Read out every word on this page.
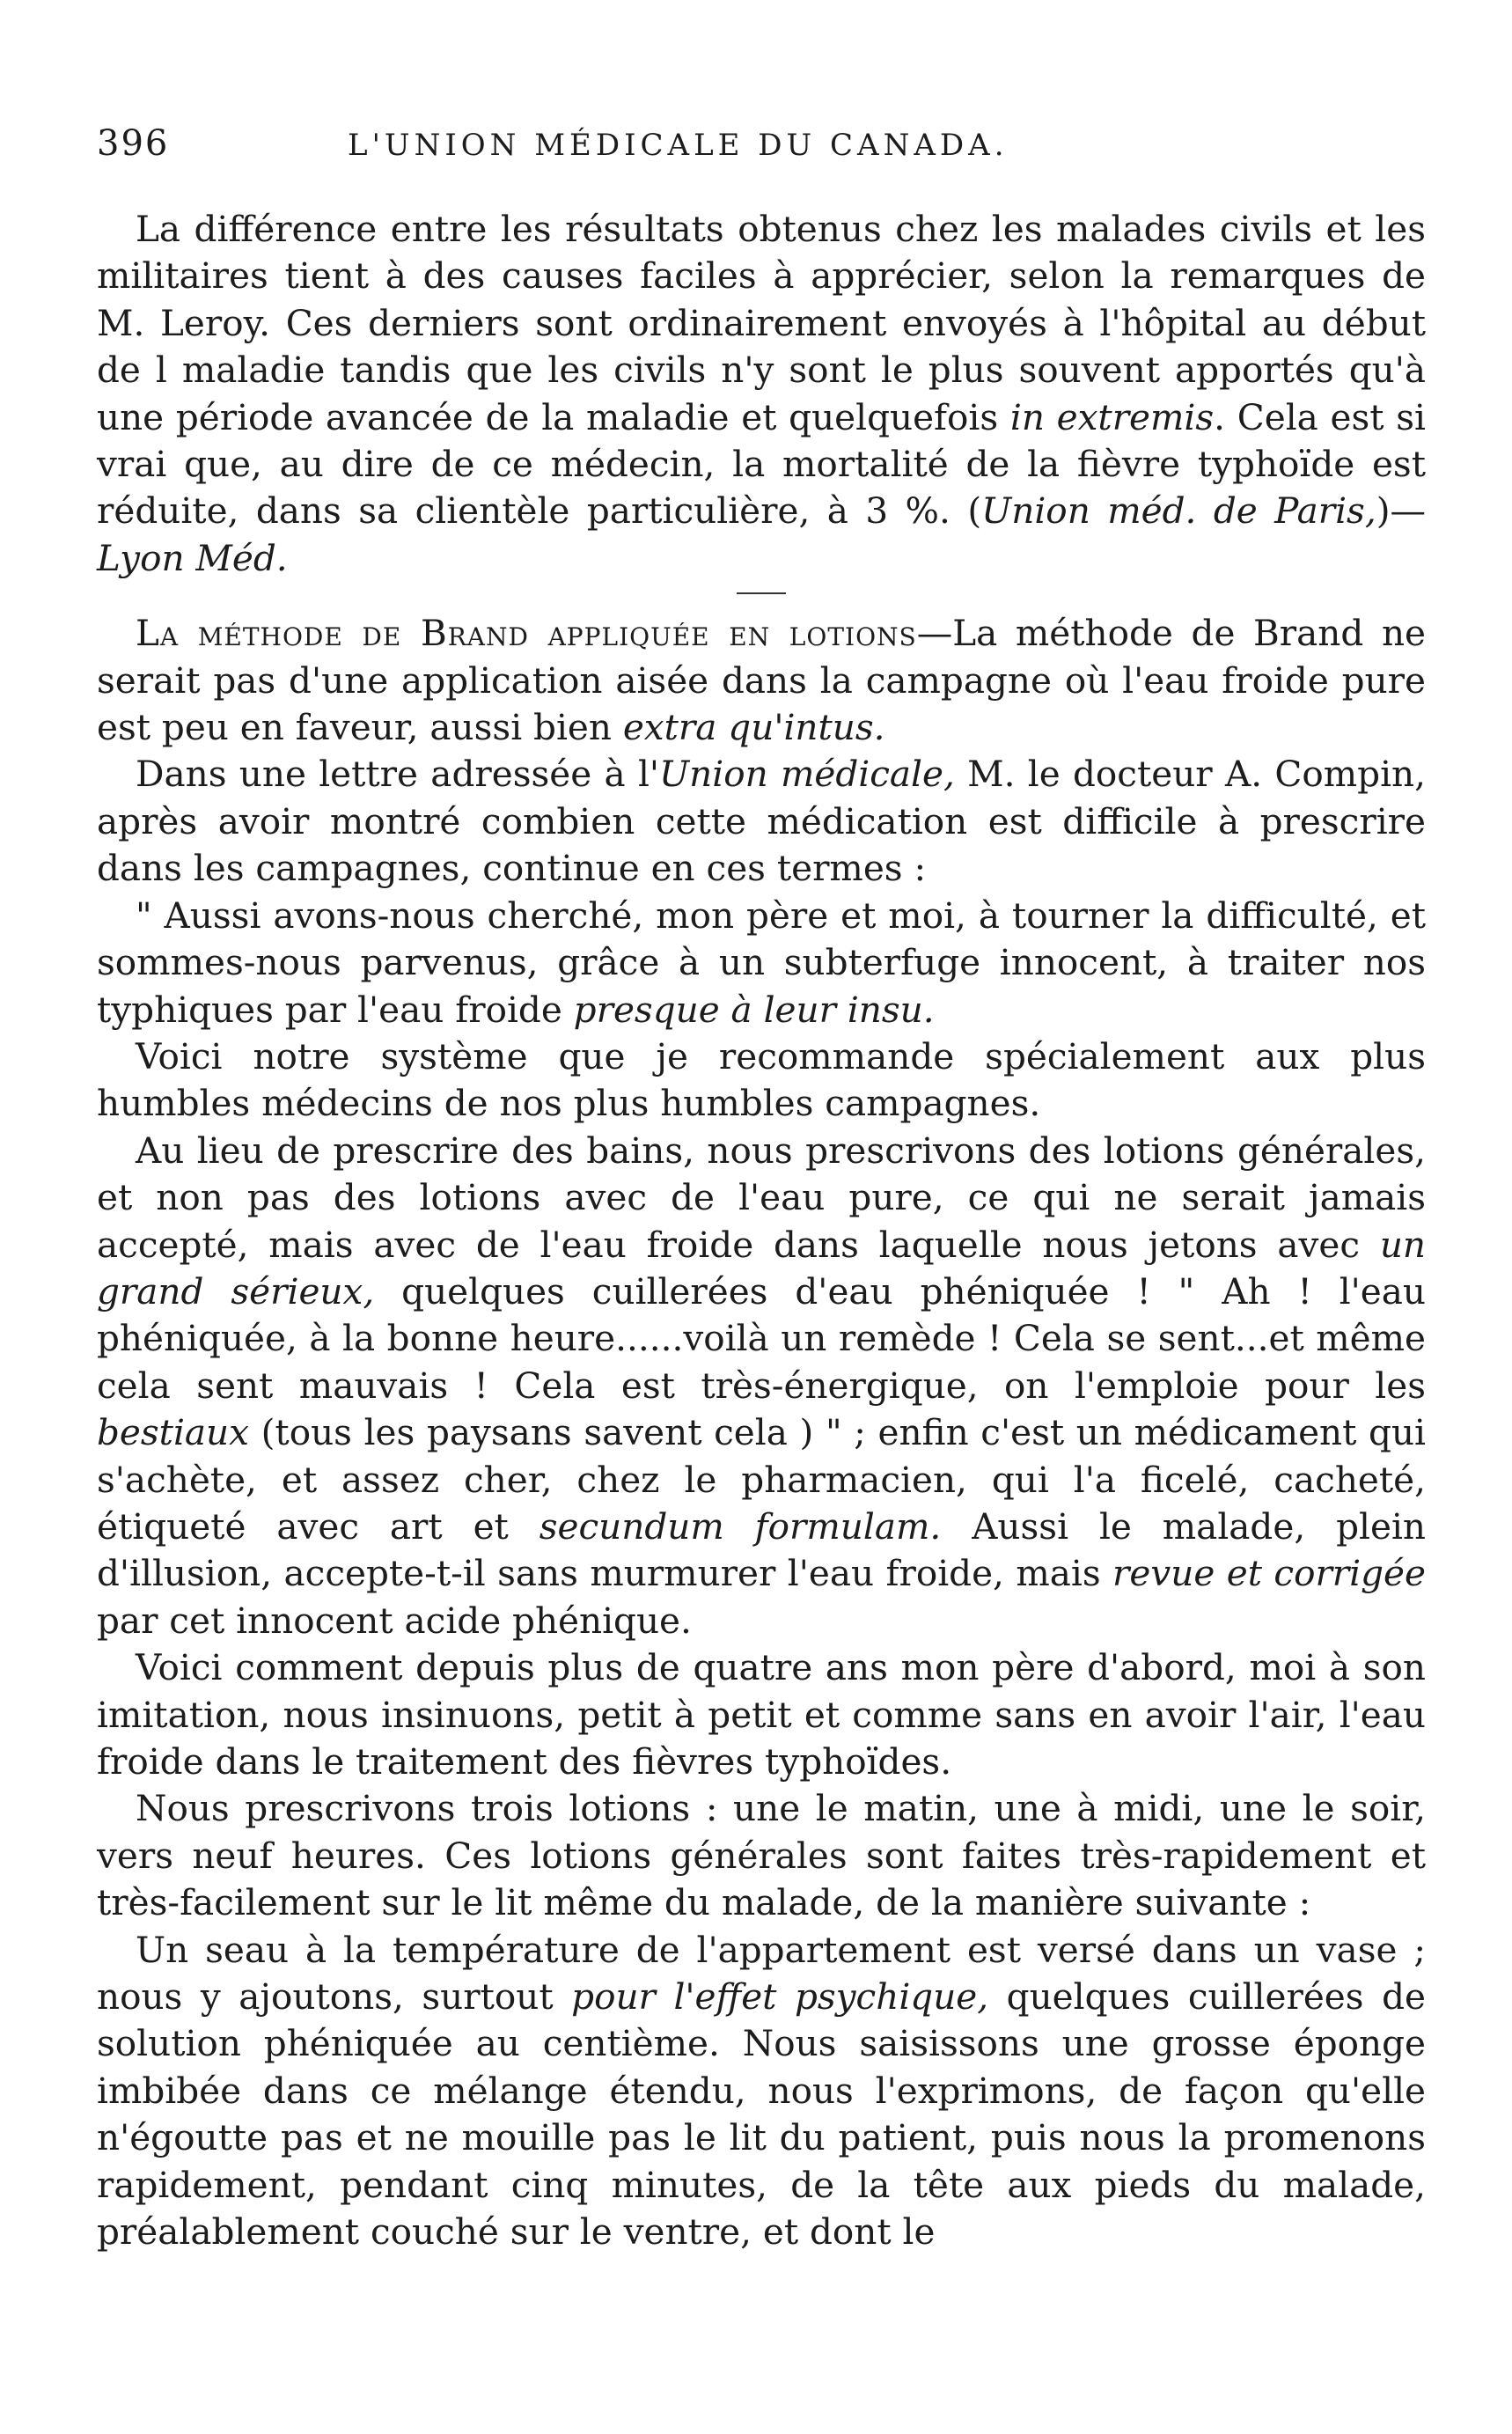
396	L'UNION MÉDICALE DU CANADA.

La différence entre les résultats obtenus chez les malades civils et les militaires tient à des causes faciles à apprécier, selon la remarques de M. Leroy. Ces derniers sont ordinairement envoyés à l'hôpital au début de l maladie tandis que les civils n'y sont le plus souvent apportés qu'à une période avancée de la maladie et quelquefois in extremis. Cela est si vrai que, au dire de ce médecin, la mortalité de la fièvre typhoïde est réduite, dans sa clientèle particulière, à 3 %. (Union méd. de Paris,)—Lyon Méd.

La méthode de Brand appliquée en lotions—La méthode de Brand ne serait pas d'une application aisée dans la campagne où l'eau froide pure est peu en faveur, aussi bien extra qu'intus.

Dans une lettre adressée à l'Union médicale, M. le docteur A. Compin, après avoir montré combien cette médication est difficile à prescrire dans les campagnes, continue en ces termes :

" Aussi avons-nous cherché, mon père et moi, à tourner la difficulté, et sommes-nous parvenus, grâce à un subterfuge innocent, à traiter nos typhiques par l'eau froide presque à leur insu.

Voici notre système que je recommande spécialement aux plus humbles médecins de nos plus humbles campagnes.

Au lieu de prescrire des bains, nous prescrivons des lotions générales, et non pas des lotions avec de l'eau pure, ce qui ne serait jamais accepté, mais avec de l'eau froide dans laquelle nous jetons avec un grand sérieux, quelques cuillerées d'eau phéniquée ! " Ah ! l'eau phéniquée, à la bonne heure......voilà un remède ! Cela se sent...et même cela sent mauvais ! Cela est très-énergique, on l'emploie pour les bestiaux (tous les paysans savent cela ) " ; enfin c'est un médicament qui s'achète, et assez cher, chez le pharmacien, qui l'a ficelé, cacheté, étiqueté avec art et secundum formulam. Aussi le malade, plein d'illusion, accepte-t-il sans murmurer l'eau froide, mais revue et corrigée par cet innocent acide phénique.

Voici comment depuis plus de quatre ans mon père d'abord, moi à son imitation, nous insinuons, petit à petit et comme sans en avoir l'air, l'eau froide dans le traitement des fièvres typhoïdes.

Nous prescrivons trois lotions : une le matin, une à midi, une le soir, vers neuf heures. Ces lotions générales sont faites très-rapidement et très-facilement sur le lit même du malade, de la manière suivante :

Un seau à la température de l'appartement est versé dans un vase ; nous y ajoutons, surtout pour l'effet psychique, quelques cuillerées de solution phéniquée au centième. Nous saisissons une grosse éponge imbibée dans ce mélange étendu, nous l'exprimons, de façon qu'elle n'égoutte pas et ne mouille pas le lit du patient, puis nous la promenons rapidement, pendant cinq minutes, de la tête aux pieds du malade, préalablement couché sur le ventre, et dont le
